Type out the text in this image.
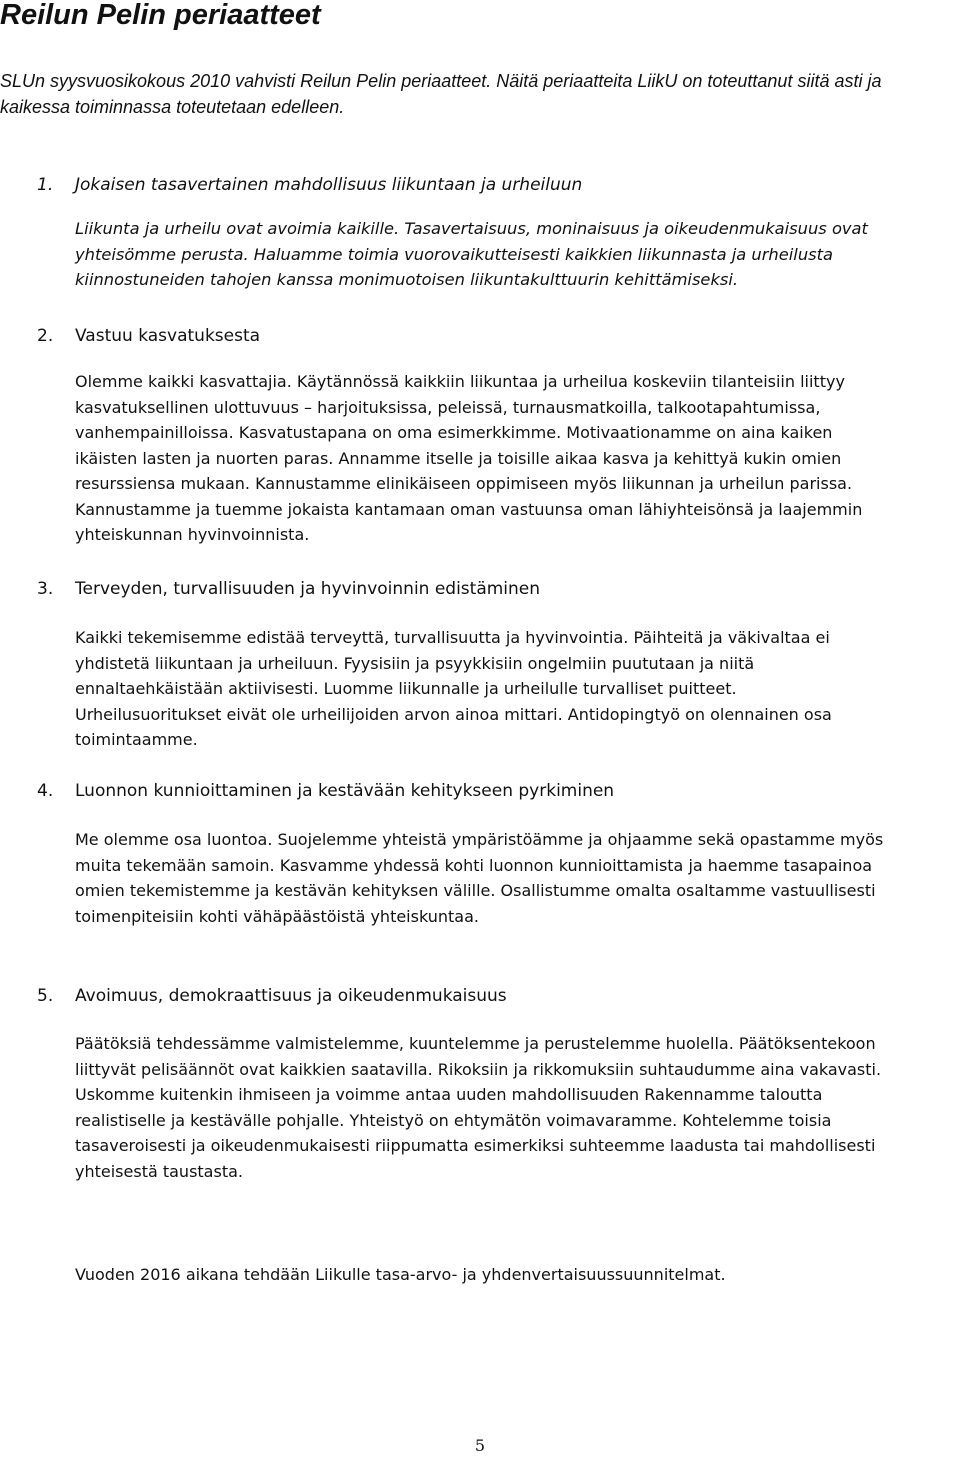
Reilun Pelin periaatteet

SLUn syysvuosikokous 2010 vahvisti Reilun Pelin periaatteet. Näitä periaatteita LiikU on toteuttanut siitä asti ja kaikessa toiminnassa toteutetaan edelleen.

1. Jokaisen tasavertainen mahdollisuus liikuntaan ja urheiluun

Liikunta ja urheilu ovat avoimia kaikille. Tasavertaisuus, moninaisuus ja oikeudenmukaisuus ovat yhteisömme perusta. Haluamme toimia vuorovaikutteisesti kaikkien liikunnasta ja urheilusta kiinnostuneiden tahojen kanssa monimuotoisen liikuntakulttuurin kehittämiseksi.

2. Vastuu kasvatuksesta

Olemme kaikki kasvattajia. Käytännössä kaikkiin liikuntaa ja urheilua koskeviin tilanteisiin liittyy kasvatuksellinen ulottuvuus – harjoituksissa, peleissä, turnausmatkoilla, talkootapahtumissa, vanhempainilloissa. Kasvatustapana on oma esimerkkimme. Motivaationamme on aina kaiken ikäisten lasten ja nuorten paras. Annamme itselle ja toisille aikaa kasva ja kehittyä kukin omien resurssiensa mukaan. Kannustamme elinikäiseen oppimiseen myös liikunnan ja urheilun parissa. Kannustamme ja tuemme jokaista kantamaan oman vastuunsa oman lähiyhteisönsä ja laajemmin yhteiskunnan hyvinvoinnista.

3. Terveyden, turvallisuuden ja hyvinvoinnin edistäminen

Kaikki tekemisemme edistää terveyttä, turvallisuutta ja hyvinvointia. Päihteitä ja väkivaltaa ei yhdistetä liikuntaan ja urheiluun. Fyysisiin ja psyykkisiin ongelmiin puututaan ja niitä ennaltaehkäistään aktiivisesti. Luomme liikunnalle ja urheilulle turvalliset puitteet. Urheilusuoritukset eivät ole urheilijoiden arvon ainoa mittari. Antidopingtyö on olennainen osa toimintaamme.

4. Luonnon kunnioittaminen ja kestävään kehitykseen pyrkiminen

Me olemme osa luontoa. Suojelemme yhteistä ympäristöämme ja ohjaamme sekä opastamme myös muita tekemään samoin. Kasvamme yhdessä kohti luonnon kunnioittamista ja haemme tasapainoa omien tekemistemme ja kestävän kehityksen välille. Osallistumme omalta osaltamme vastuullisesti toimenpiteisiin kohti vähäpäästöistä yhteiskuntaa.

5. Avoimuus, demokraattisuus ja oikeudenmukaisuus

Päätöksiä tehdessämme valmistelemme, kuuntelemme ja perustelemme huolella. Päätöksentekoon liittyvät pelisäännöt ovat kaikkien saatavilla. Rikoksiin ja rikkomuksiin suhtaudumme aina vakavasti. Uskomme kuitenkin ihmiseen ja voimme antaa uuden mahdollisuuden Rakennamme taloutta realistiselle ja kestävälle pohjalle. Yhteistyö on ehtymätön voimavaramme. Kohtelemme toisia tasaveroisesti ja oikeudenmukaisesti riippumatta esimerkiksi suhteemme laadusta tai mahdollisesti yhteisestä taustasta.

Vuoden 2016 aikana tehdään Liikulle tasa-arvo- ja yhdenvertaisuussuunnitelmat.

5
